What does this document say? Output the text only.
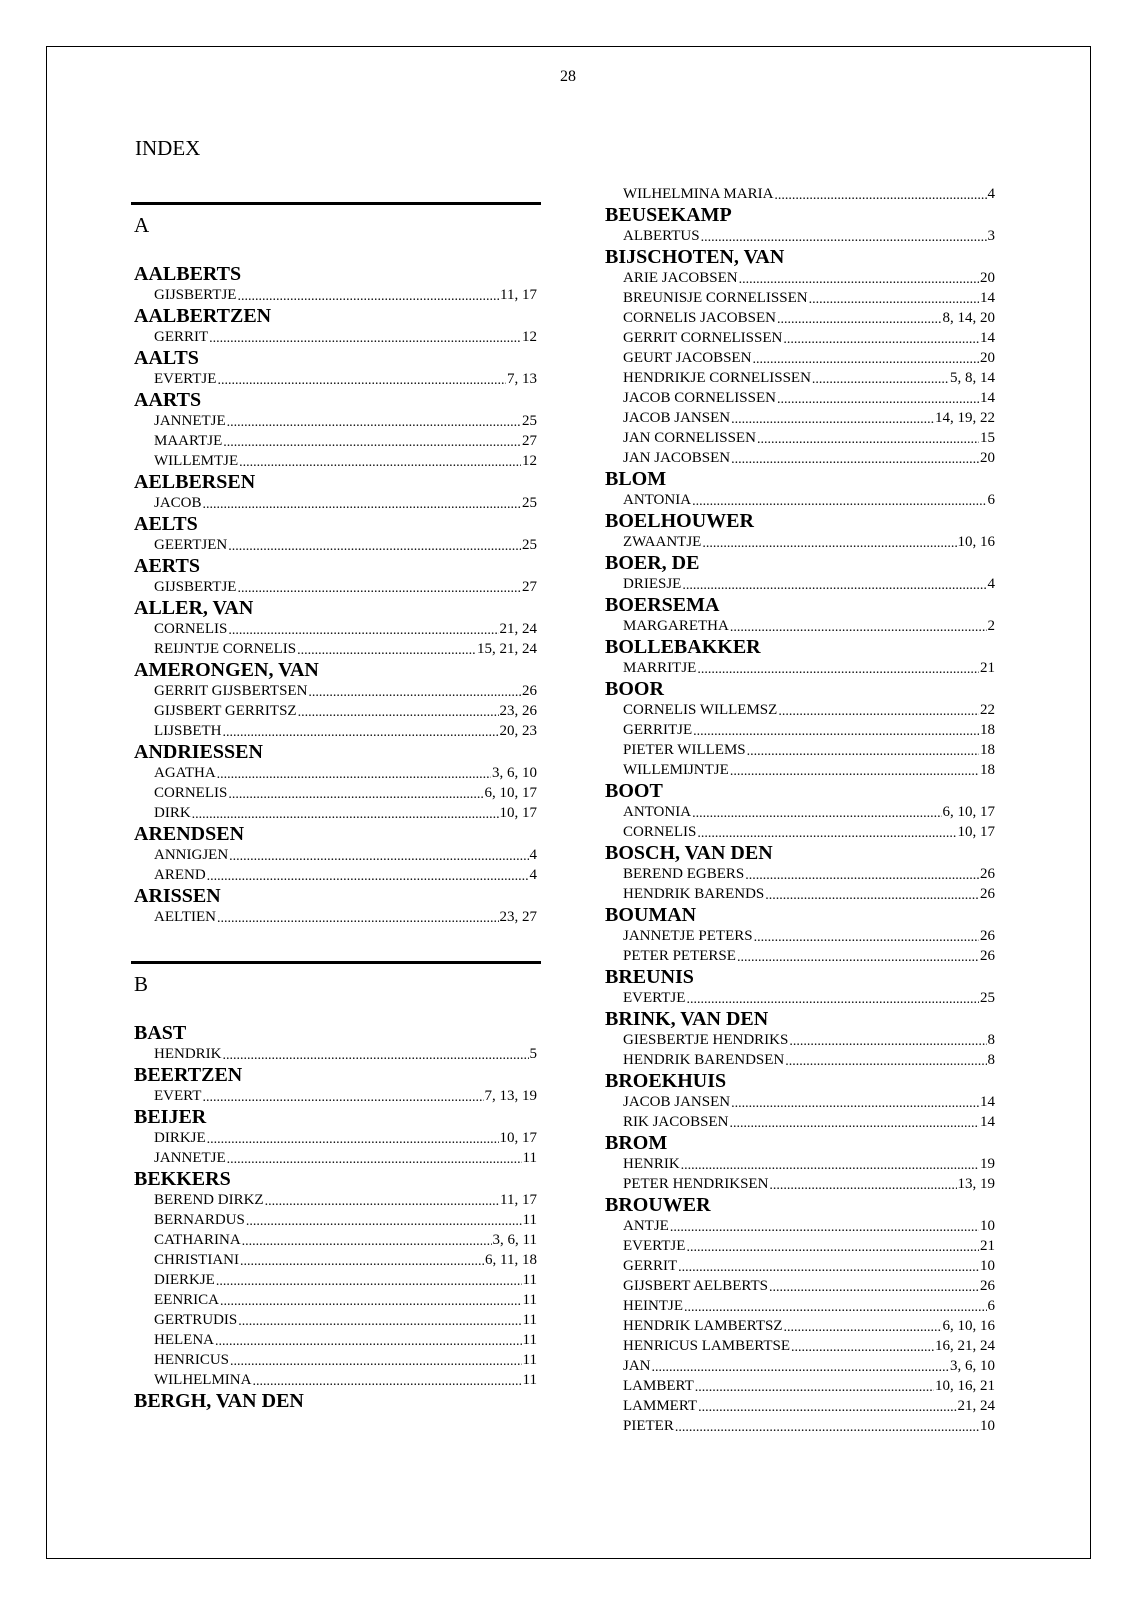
28
INDEX
A
AALBERTS
GIJSBERTJE .....	11, 17
AALBERTZEN
GERRIT .....	12
AALTS
EVERTJE .....	7, 13
AARTS
JANNETJE .....	25
MAARTJE .....	27
WILLEMTJE .....	12
AELBERSEN
JACOB .....	25
AELTS
GEERTJEN .....	25
AERTS
GIJSBERTJE .....	27
ALLER, VAN
CORNELIS .....	21, 24
REIJNTJE CORNELIS .....	15, 21, 24
AMERONGEN, VAN
GERRIT GIJSBERTSEN .....	26
GIJSBERT GERRITSZ .....	23, 26
LIJSBETH .....	20, 23
ANDRIESSEN
AGATHA .....	3, 6, 10
CORNELIS .....	6, 10, 17
DIRK .....	10, 17
ARENDSEN
ANNIGJEN .....	4
AREND .....	4
ARISSEN
AELTIEN .....	23, 27
B
BAST
HENDRIK .....	5
BEERTZEN
EVERT .....	7, 13, 19
BEIJER
DIRKJE .....	10, 17
JANNETJE .....	11
BEKKERS
BEREND DIRKZ .....	11, 17
BERNARDUS .....	11
CATHARINA .....	3, 6, 11
CHRISTIANI .....	6, 11, 18
DIERKJE .....	11
EENRICA .....	11
GERTRUDIS .....	11
HELENA .....	11
HENRICUS .....	11
WILHELMINA .....	11
BERGH, VAN DEN
WILHELMINA MARIA .....	4
BEUSEKAMP
ALBERTUS .....	3
BIJSCHOTEN, VAN
ARIE JACOBSEN .....	20
BREUNISJE CORNELISSEN .....	14
CORNELIS JACOBSEN .....	8, 14, 20
GERRIT CORNELISSEN .....	14
GEURT JACOBSEN .....	20
HENDRIKJE CORNELISSEN .....	5, 8, 14
JACOB CORNELISSEN .....	14
JACOB JANSEN .....	14, 19, 22
JAN CORNELISSEN .....	15
JAN JACOBSEN .....	20
BLOM
ANTONIA .....	6
BOELHOUWER
ZWAANTJE .....	10, 16
BOER, DE
DRIESJE .....	4
BOERSEMA
MARGARETHA .....	2
BOLLEBAKKER
MARRITJE .....	21
BOOR
CORNELIS WILLEMSZ .....	22
GERRITJE .....	18
PIETER WILLEMS .....	18
WILLEMIJNTJE .....	18
BOOT
ANTONIA .....	6, 10, 17
CORNELIS .....	10, 17
BOSCH, VAN DEN
BEREND EGBERS .....	26
HENDRIK BARENDS .....	26
BOUMAN
JANNETJE PETERS .....	26
PETER PETERSE .....	26
BREUNIS
EVERTJE .....	25
BRINK, VAN DEN
GIESBERTJE HENDRIKS .....	8
HENDRIK BARENDSEN .....	8
BROEKHUIS
JACOB JANSEN .....	14
RIK JACOBSEN .....	14
BROM
HENRIK .....	19
PETER HENDRIKSEN .....	13, 19
BROUWER
ANTJE .....	10
EVERTJE .....	21
GERRIT .....	10
GIJSBERT AELBERTS .....	26
HEINTJE .....	6
HENDRIK LAMBERTSZ .....	6, 10, 16
HENRICUS LAMBERTSE .....	16, 21, 24
JAN .....	3, 6, 10
LAMBERT .....	10, 16, 21
LAMMERT .....	21, 24
PIETER .....	10
